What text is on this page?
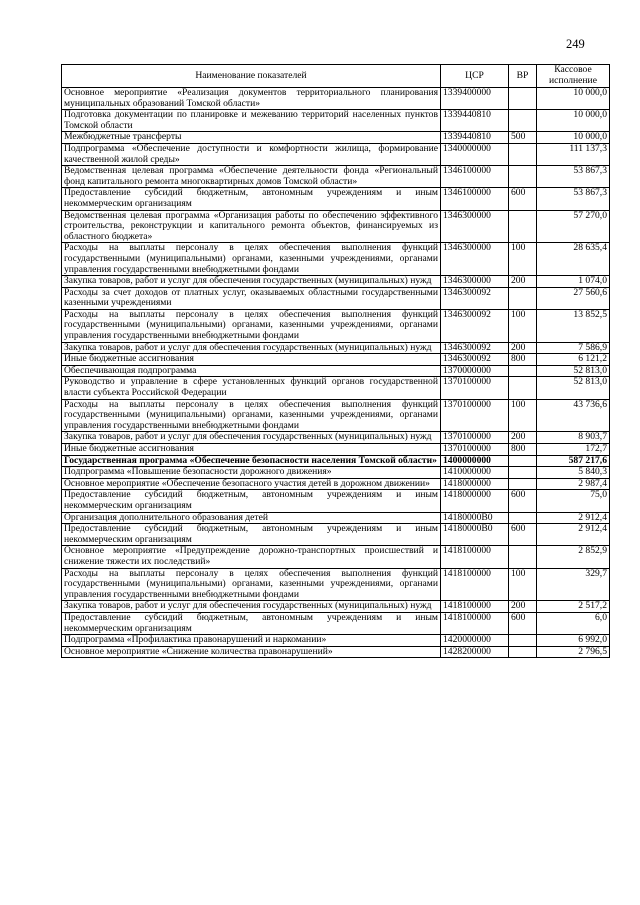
249
Наименование показателей	ЦСР	ВР	Кассовое исполнение
Основное мероприятие «Реализация документов территориального планирования муниципальных образований Томской области»	1339400000		10 000,0
Подготовка документации по планировке и межеванию территорий населенных пунктов Томской области	1339440810		10 000,0
Межбюджетные трансферты	1339440810	500	10 000,0
Подпрограмма «Обеспечение доступности и комфортности жилища, формирование качественной жилой среды»	1340000000		111 137,3
Ведомственная целевая программа «Обеспечение деятельности фонда «Региональный фонд капитального ремонта многоквартирных домов Томской области»	1346100000		53 867,3
Предоставление субсидий бюджетным, автономным учреждениям и иным некоммерческим организациям	1346100000	600	53 867,3
Ведомственная целевая программа «Организация работы по обеспечению эффективного строительства, реконструкции и капитального ремонта объектов, финансируемых из областного бюджета»	1346300000		57 270,0
Расходы на выплаты персоналу в целях обеспечения выполнения функций государственными (муниципальными) органами, казенными учреждениями, органами управления государственными внебюджетными фондами	1346300000	100	28 635,4
Закупка товаров, работ и услуг для обеспечения государственных (муниципальных) нужд	1346300000	200	1 074,0
Расходы за счет доходов от платных услуг, оказываемых областными государственными казенными учреждениями	1346300092		27 560,6
Расходы на выплаты персоналу в целях обеспечения выполнения функций государственными (муниципальными) органами, казенными учреждениями, органами управления государственными внебюджетными фондами	1346300092	100	13 852,5
Закупка товаров, работ и услуг для обеспечения государственных (муниципальных) нужд	1346300092	200	7 586,9
Иные бюджетные ассигнования	1346300092	800	6 121,2
Обеспечивающая подпрограмма	1370000000		52 813,0
Руководство и управление в сфере установленных функций органов государственной власти субъекта Российской Федерации	1370100000		52 813,0
Расходы на выплаты персоналу в целях обеспечения выполнения функций государственными (муниципальными) органами, казенными учреждениями, органами управления государственными внебюджетными фондами	1370100000	100	43 736,6
Закупка товаров, работ и услуг для обеспечения государственных (муниципальных) нужд	1370100000	200	8 903,7
Иные бюджетные ассигнования	1370100000	800	172,7
Государственная программа «Обеспечение безопасности населения Томской области»	1400000000		587 217,6
Подпрограмма «Повышение безопасности дорожного движения»	1410000000		5 840,3
Основное мероприятие «Обеспечение безопасного участия детей в дорожном движении»	1418000000		2 987,4
Предоставление субсидий бюджетным, автономным учреждениям и иным некоммерческим организациям	1418000000	600	75,0
Организация дополнительного образования детей	14180000В0		2 912,4
Предоставление субсидий бюджетным, автономным учреждениям и иным некоммерческим организациям	14180000В0	600	2 912,4
Основное мероприятие «Предупреждение дорожно-транспортных происшествий и снижение тяжести их последствий»	1418100000		2 852,9
Расходы на выплаты персоналу в целях обеспечения выполнения функций государственными (муниципальными) органами, казенными учреждениями, органами управления государственными внебюджетными фондами	1418100000	100	329,7
Закупка товаров, работ и услуг для обеспечения государственных (муниципальных) нужд	1418100000	200	2 517,2
Предоставление субсидий бюджетным, автономным учреждениям и иным некоммерческим организациям	1418100000	600	6,0
Подпрограмма «Профилактика правонарушений и наркомании»	1420000000		6 992,0
Основное мероприятие «Снижение количества правонарушений»	1428200000		2 796,5
